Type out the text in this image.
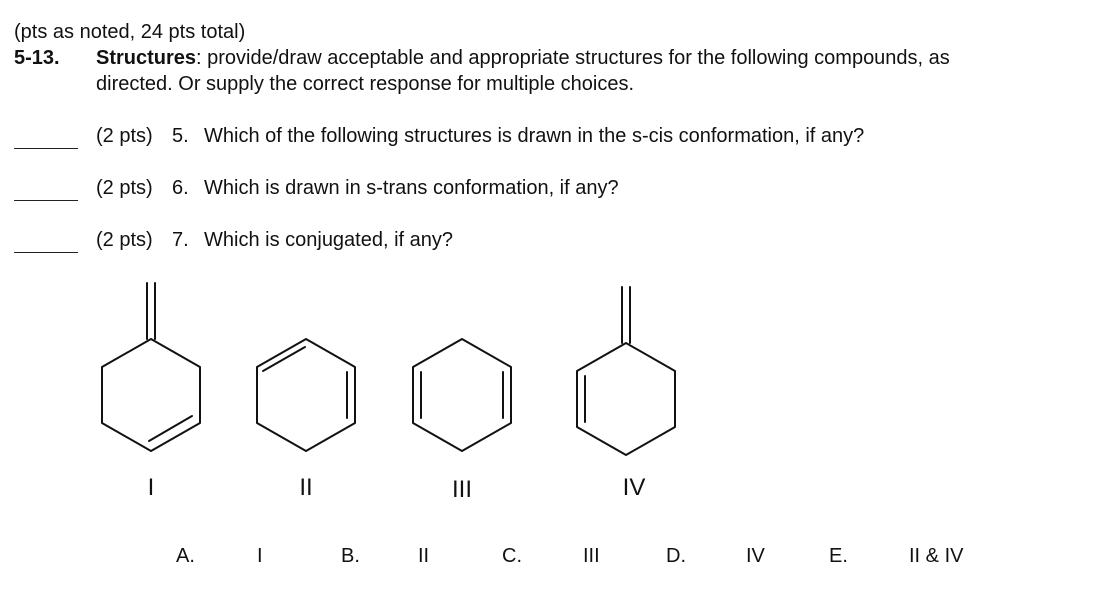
(pts as noted, 24 pts total)
5-13. Structures: provide/draw acceptable and appropriate structures for the following compounds, as
directed. Or supply the correct response for multiple choices.
(2 pts) 5. Which of the following structures is drawn in the s-cis conformation, if any?
(2 pts) 6. Which is drawn in s-trans conformation, if any?
(2 pts) 7. Which is conjugated, if any?
I	II	III	IV
A.	I	B.	II	C.	III	D.	IV	E.	II & IV
